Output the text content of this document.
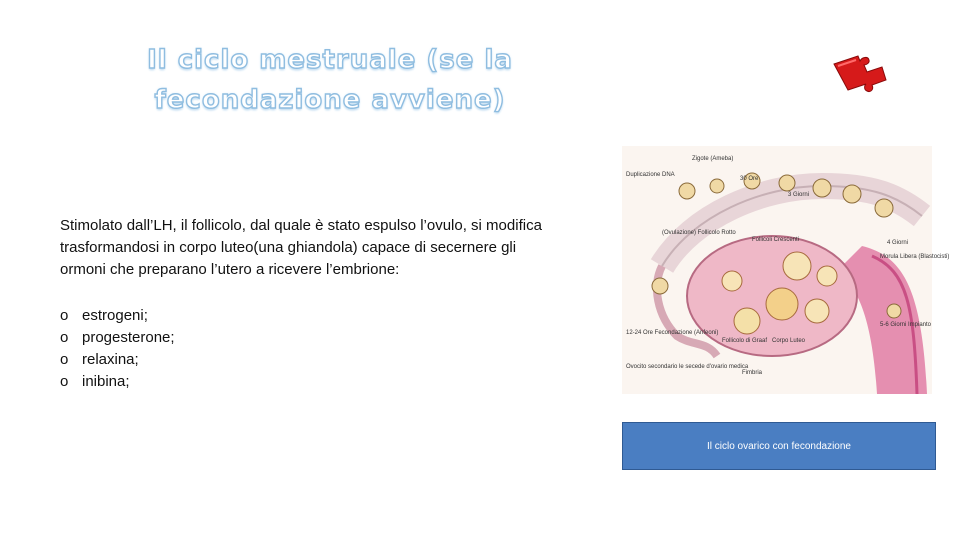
Il ciclo mestruale (se la fecondazione avviene)
Stimolato dall’LH, il follicolo, dal quale è stato espulso l’ovulo, si modifica trasformandosi in corpo luteo(una ghiandola) capace di secernere gli ormoni che preparano l’utero a ricevere l’embrione:
o estrogeni;
o progesterone;
o relaxina;
o inibina;
Zigote (Ameba)
Duplicazione DNA
30 Ore
3 Giorni
(Ovulazione) Follicolo Rotto
Follicoli Crescenti	4 Giorni
Morula Libera (Blastocisti)
12-24 Ore Fecondazione (Anfeoni)
Follicolo di Graaf Corpo Luteo
5-6 Giorni Impianto
Ovocito secondario le secede d'ovario medica
Fimbria
Il ciclo ovarico con fecondazione
